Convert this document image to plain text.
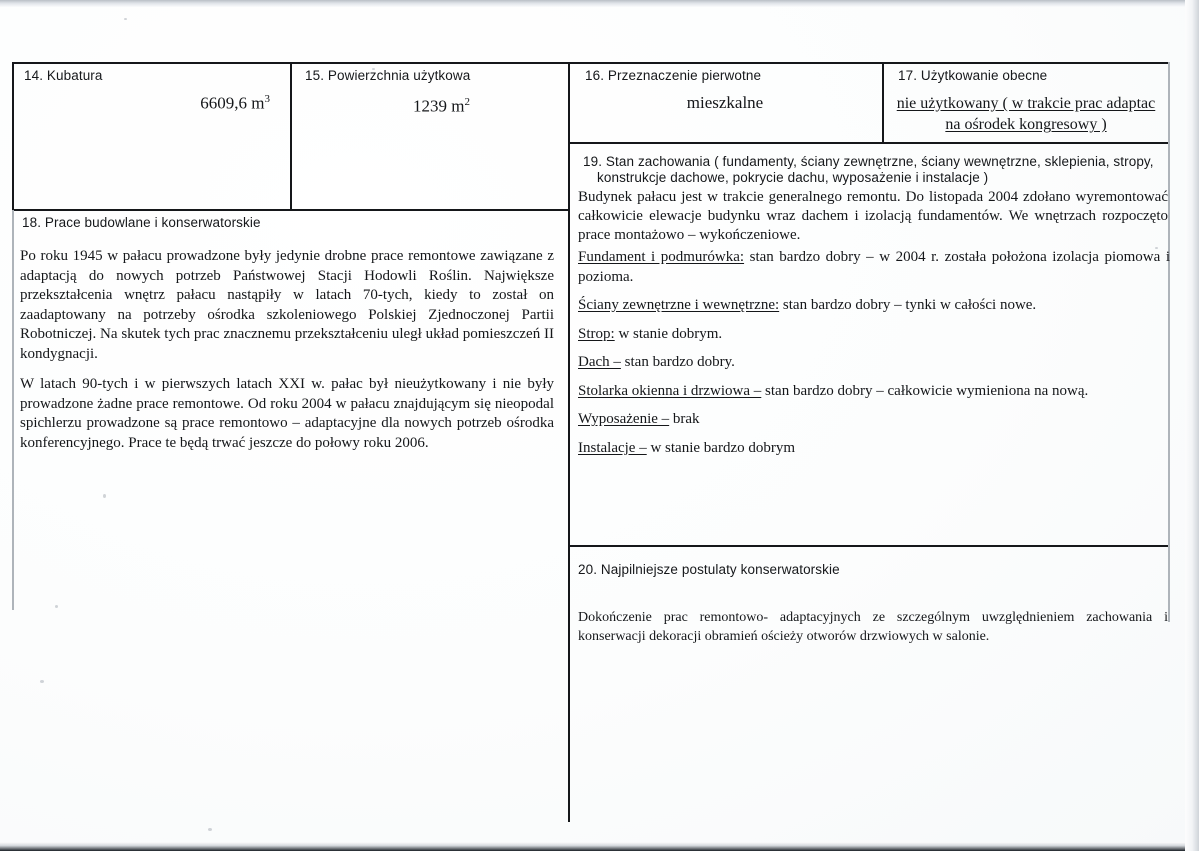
14. Kubatura
6609,6 $m^3$
15. Powierzchnia użytkowa
1239 $m^2$
16. Przeznaczenie pierwotne
mieszkalne
17. Użytkowanie obecne
nie użytkowany ( w trakcie prac adaptac
na ośrodek kongresowy )
18. Prace budowlane i konserwatorskie

Po roku 1945 w pałacu prowadzone były jedynie drobne prace remontowe zawiązane z adaptacją do nowych potrzeb Państwowej Stacji Hodowli Roślin. Największe przekształcenia wnętrz pałacu nastąpiły w latach 70-tych, kiedy to został on zaadaptowany na potrzeby ośrodka szkoleniowego Polskiej Zjednoczonej Partii Robotniczej. Na skutek tych prac znacznemu przekształceniu uległ układ pomieszczeń II kondygnacji.

W latach 90-tych i w pierwszych latach XXI w. pałac był nieużytkowany i nie były prowadzone żadne prace remontowe. Od roku 2004 w pałacu znajdującym się nieopodal spichlerzu prowadzone są prace remontowo – adaptacyjne dla nowych potrzeb ośrodka konferencyjnego. Prace te będą trwać jeszcze do połowy roku 2006.

19. Stan zachowania ( fundamenty, ściany zewnętrzne, ściany wewnętrzne, sklepienia, stropy,
konstrukcje dachowe, pokrycie dachu, wyposażenie i instalacje )

Budynek pałacu jest w trakcie generalnego remontu. Do listopada 2004 zdołano wyremontować całkowicie elewacje budynku wraz dachem i izolacją fundamentów. We wnętrzach rozpoczęto prace montażowo – wykończeniowe.

Fundament i podmurówka: stan bardzo dobry – w 2004 r. została położona izolacja piomowa i pozioma.
Ściany zewnętrzne i wewnętrzne: stan bardzo dobry – tynki w całości nowe.
Strop: w stanie dobrym.
Dach – stan bardzo dobry.
Stolarka okienna i drzwiowa – stan bardzo dobry – całkowicie wymieniona na nową.
Wyposażenie – brak
Instalacje – w stanie bardzo dobrym
20. Najpilniejsze postulaty konserwatorskie

Dokończenie prac remontowo- adaptacyjnych ze szczególnym uwzględnieniem zachowania i konserwacji dekoracji obramień ościeży otworów drzwiowych w salonie.
